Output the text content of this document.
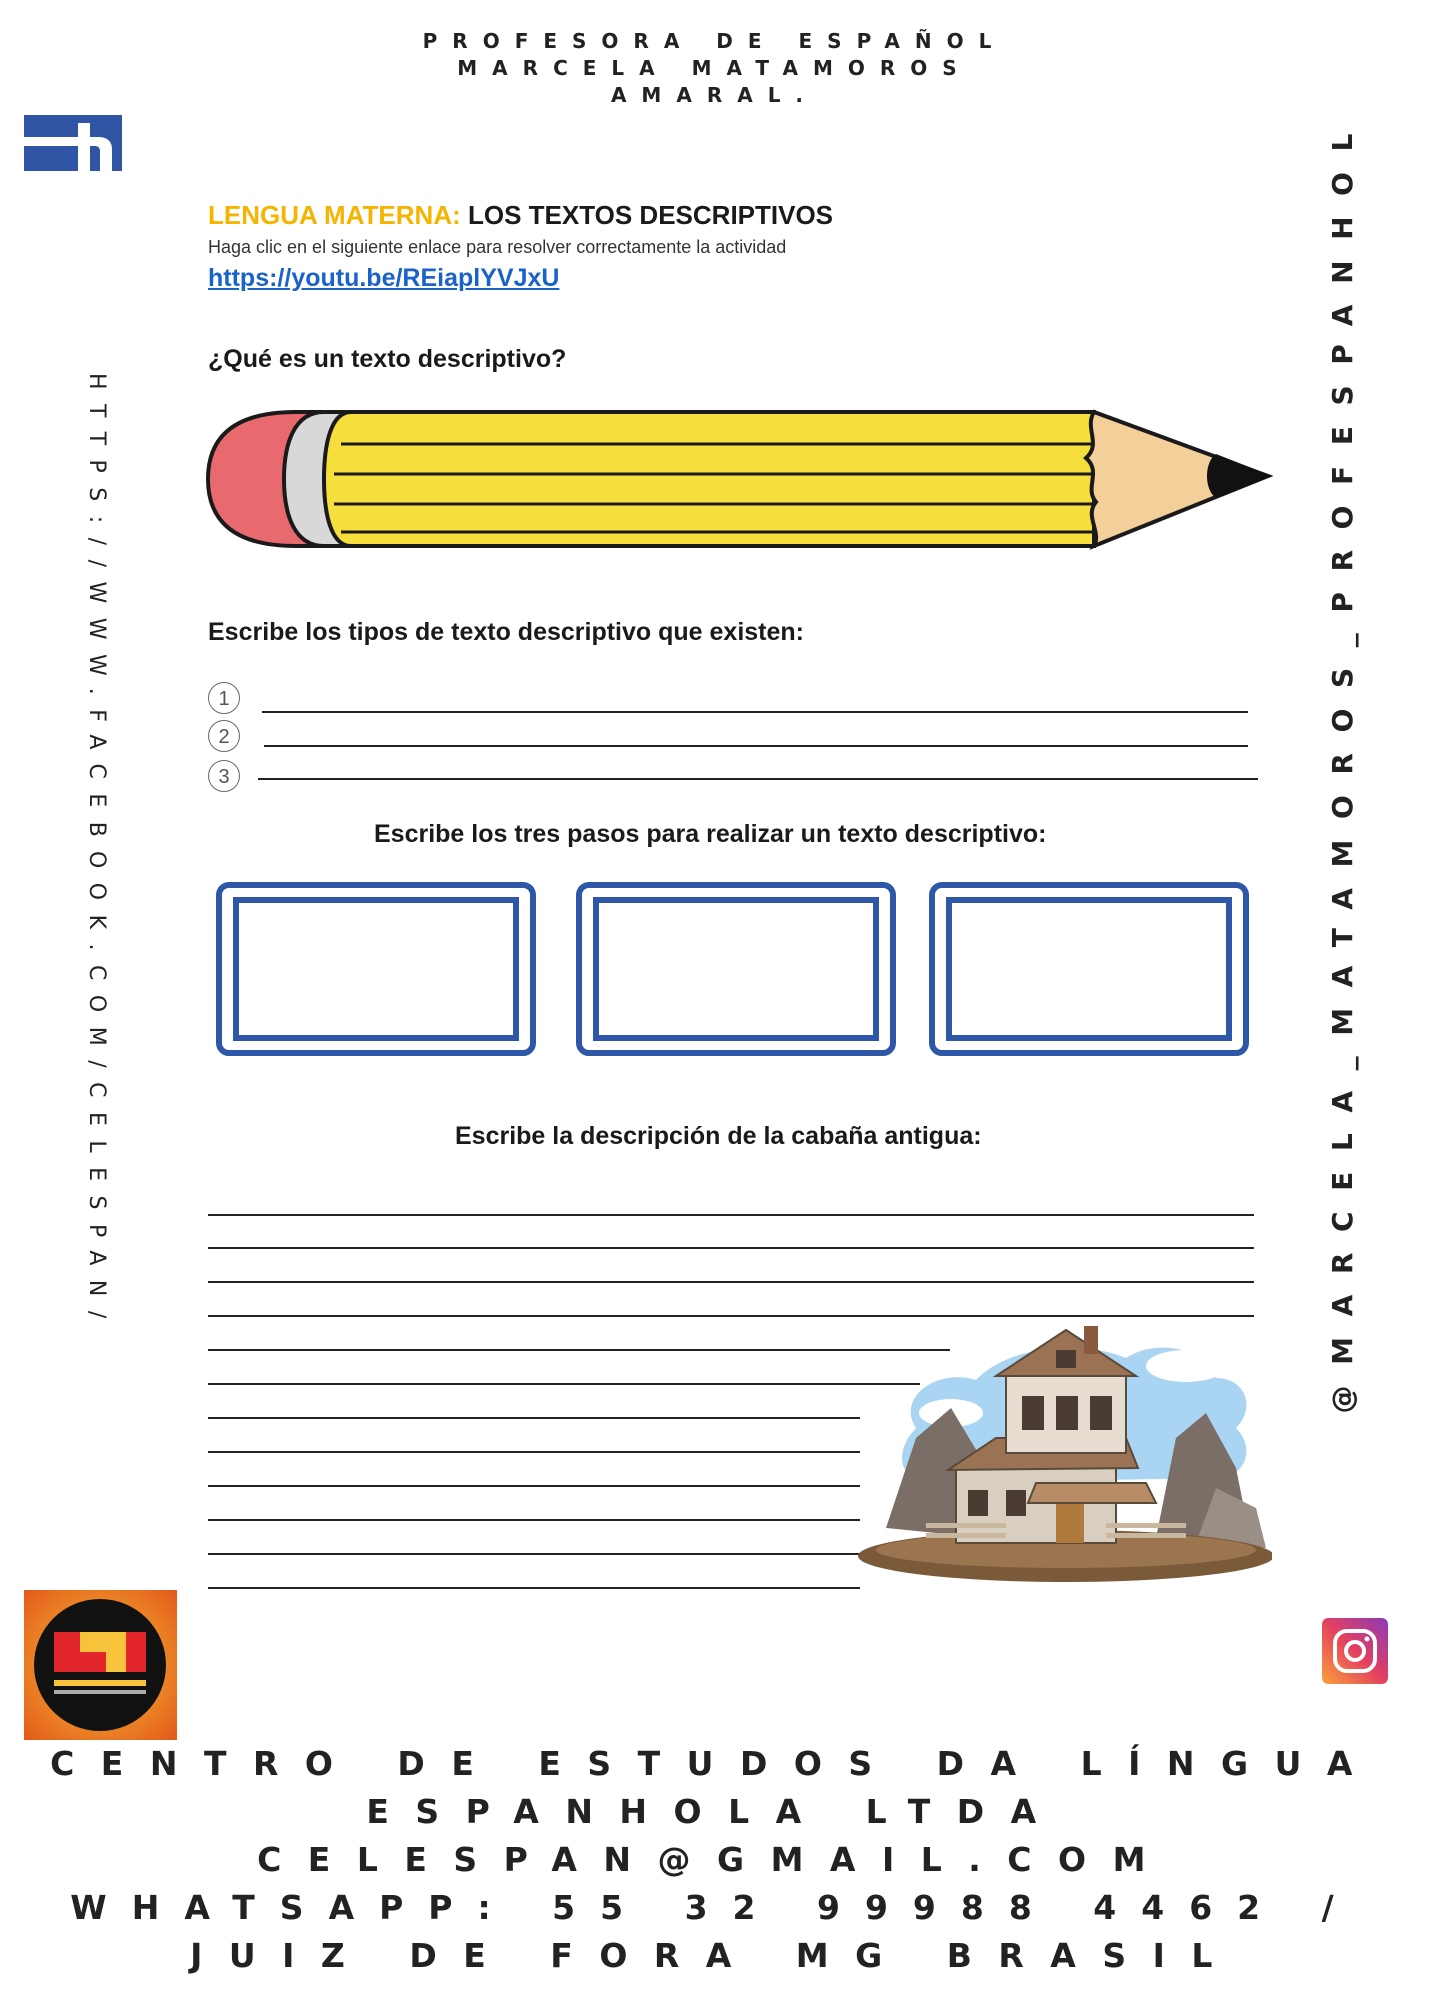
PROFESORA DE ESPAÑOL
MARCELA MATAMOROS
AMARAL.
HTTPS://WWW.FACEBOOK.COM/CELESPAN/	@MARCELA_MATAMOROS_PROFESPANHOL
LENGUA MATERNA: LOS TEXTOS DESCRIPTIVOS
Haga clic en el siguiente enlace para resolver correctamente la actividad
https://youtu.be/REiaplYVJxU
¿Qué es un texto descriptivo?
Escribe los tipos de texto descriptivo que existen:
1
2
3
Escribe los tres pasos para realizar un texto descriptivo:
Escribe la descripción de la cabaña antigua:
CENTRO DE ESTUDOS DA LÍNGUA
ESPANHOLA LTDA
CELESPAN@GMAIL.COM
WHATSAPP: 55 32 99988 4462 /
JUIZ DE FORA MG BRASIL
